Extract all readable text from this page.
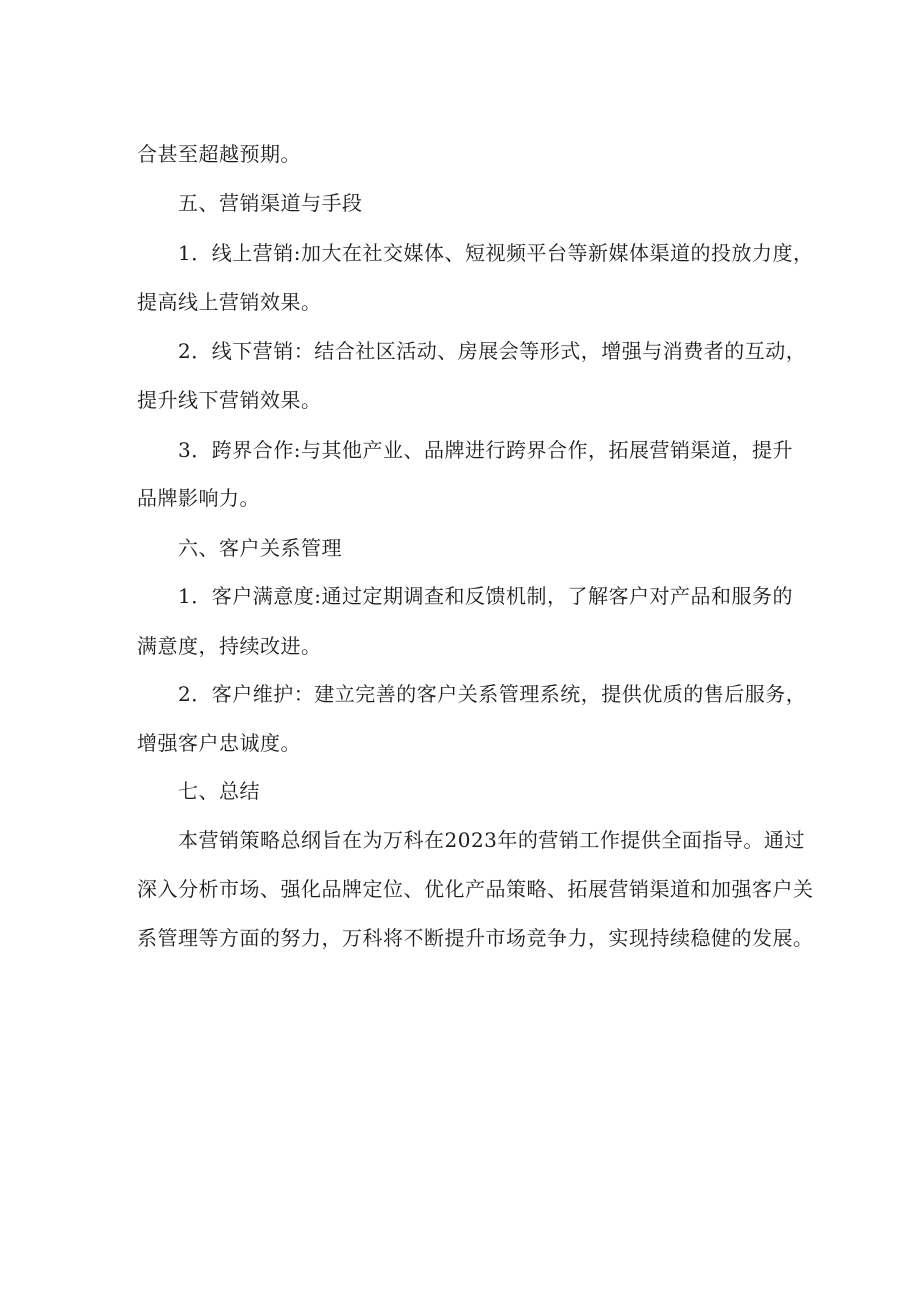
合甚至超越预期。
五、营销渠道与手段
1．线上营销:加大在社交媒体、短视频平台等新媒体渠道的投放力度，
提高线上营销效果。
2．线下营销：结合社区活动、房展会等形式，增强与消费者的互动，
提升线下营销效果。
3．跨界合作:与其他产业、品牌进行跨界合作，拓展营销渠道，提升
品牌影响力。
六、客户关系管理
1．客户满意度:通过定期调查和反馈机制，了解客户对产品和服务的
满意度，持续改进。
2．客户维护：建立完善的客户关系管理系统，提供优质的售后服务，
增强客户忠诚度。
七、总结
本营销策略总纲旨在为万科在2023年的营销工作提供全面指导。通过
深入分析市场、强化品牌定位、优化产品策略、拓展营销渠道和加强客户关
系管理等方面的努力，万科将不断提升市场竞争力，实现持续稳健的发展。
